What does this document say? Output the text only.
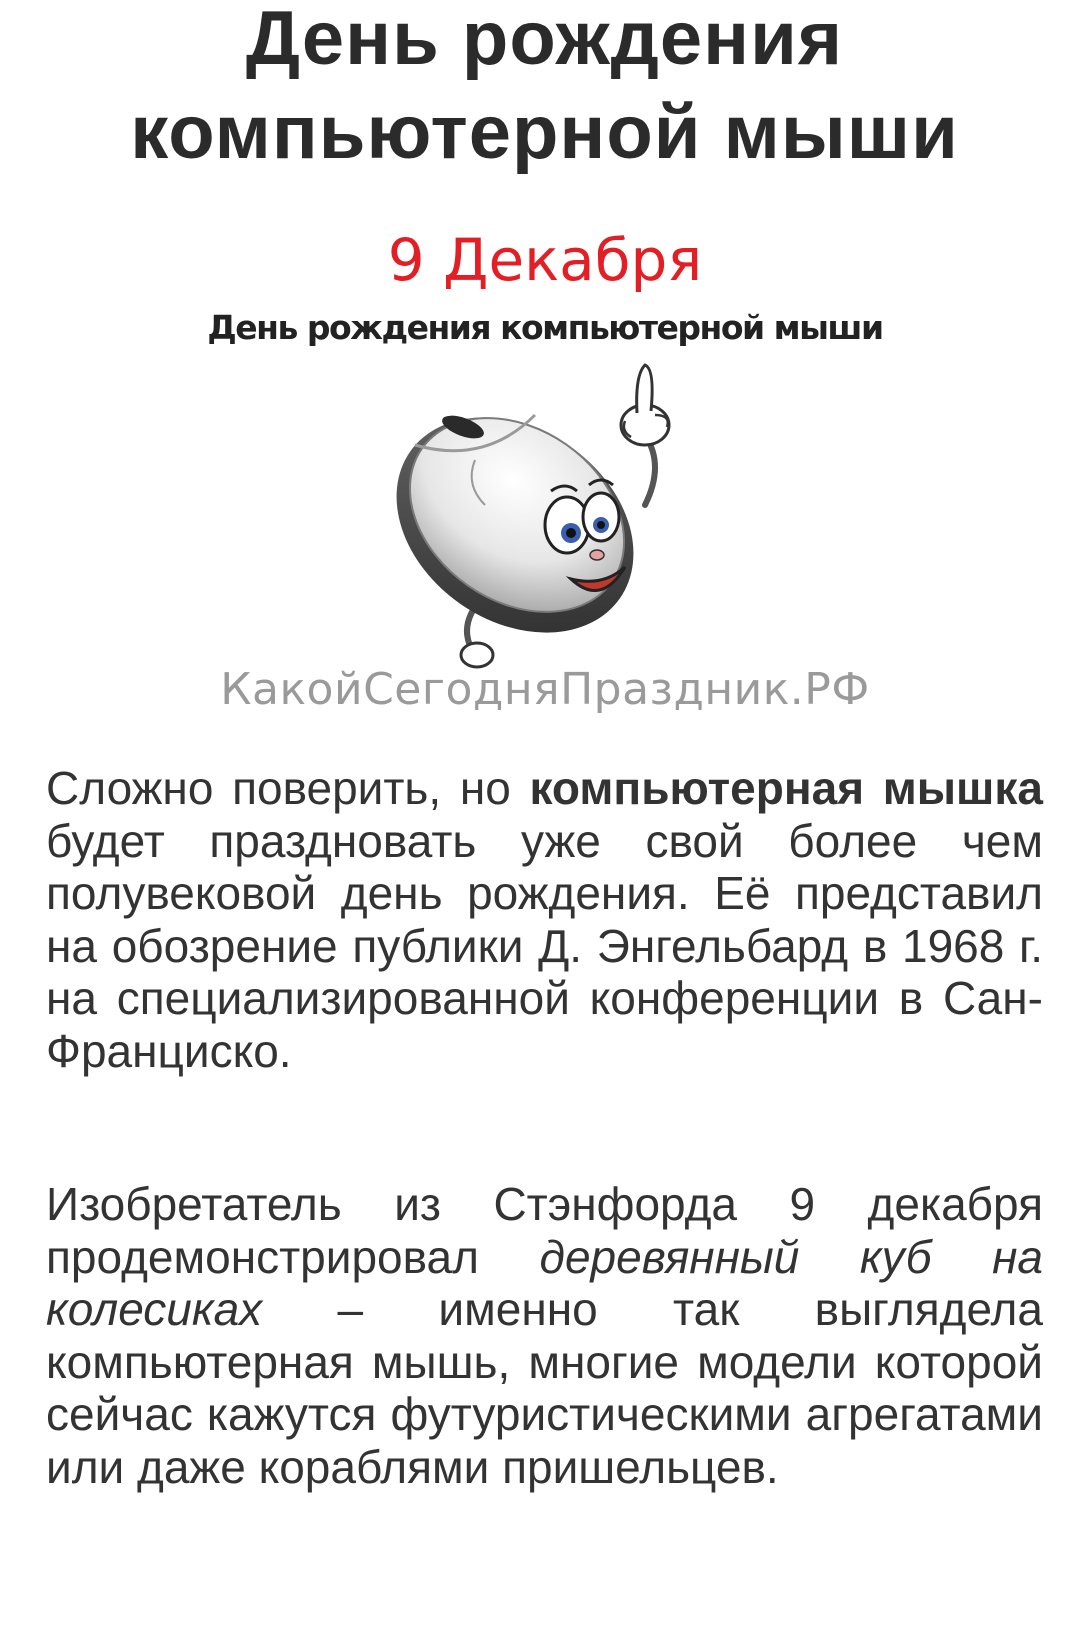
День рождения
компьютерной мыши
9 Декабря
День рождения компьютерной мыши
КакойСегодняПраздник.РФ

Сложно поверить, но компьютерная мышка будет праздновать уже свой более чем полувековой день рождения. Её представил на обозрение публики Д. Энгельбард в 1968 г. на специализированной конференции в Сан-Франциско.

Изобретатель из Стэнфорда 9 декабря продемонстрировал деревянный куб на колесиках – именно так выглядела компьютерная мышь, многие модели которой сейчас кажутся футуристическими агрегатами или даже кораблями пришельцев.
